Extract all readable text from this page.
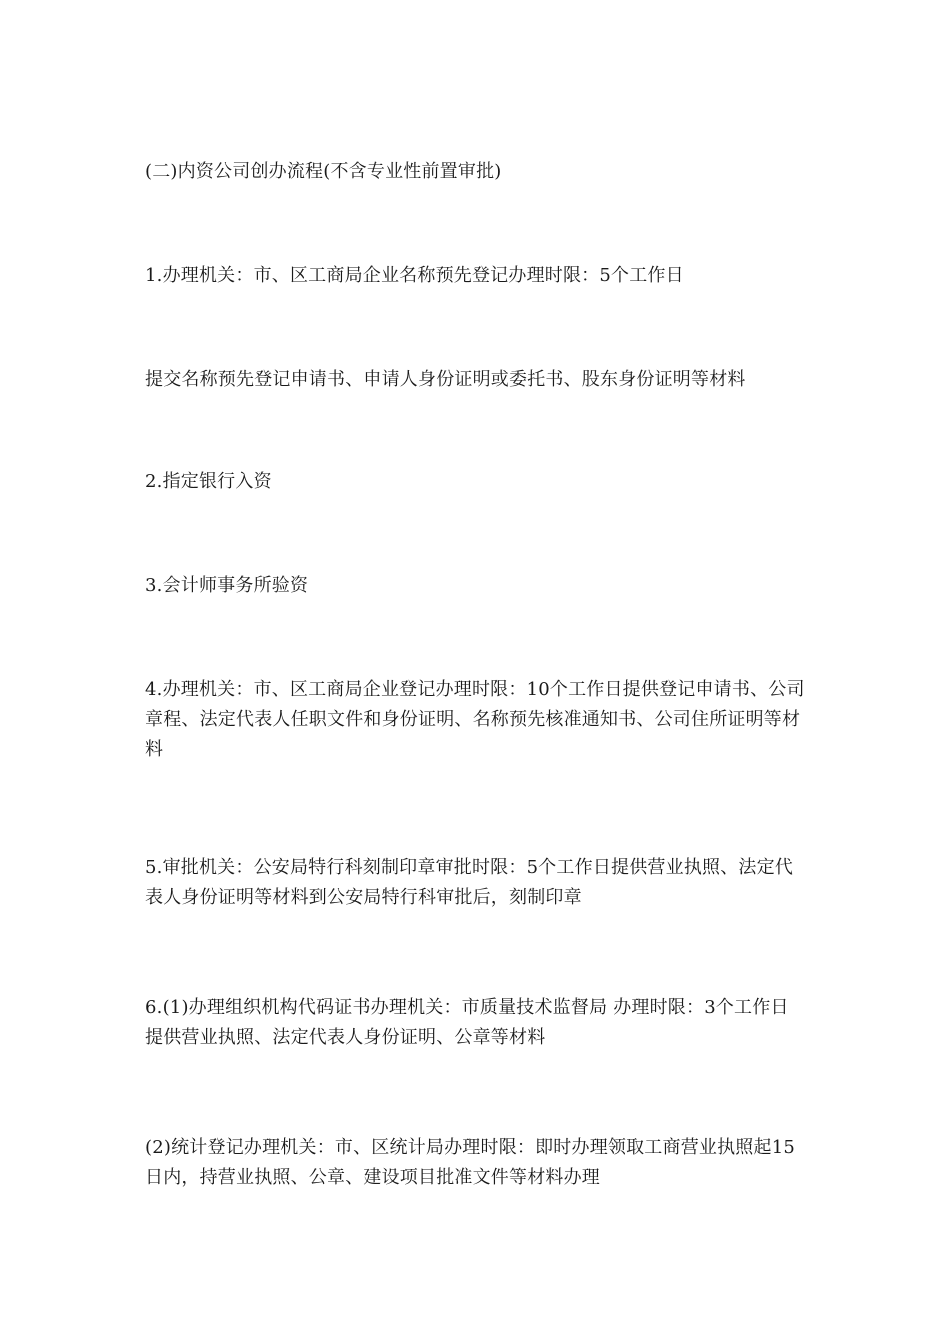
(二)内资公司创办流程(不含专业性前置审批)
1.办理机关：市、区工商局企业名称预先登记办理时限：5个工作日
提交名称预先登记申请书、申请人身份证明或委托书、股东身份证明等材料
2.指定银行入资
3.会计师事务所验资
4.办理机关：市、区工商局企业登记办理时限：10个工作日提供登记申请书、公司章程、法定代表人任职文件和身份证明、名称预先核准通知书、公司住所证明等材料
5.审批机关：公安局特行科刻制印章审批时限：5个工作日提供营业执照、法定代表人身份证明等材料到公安局特行科审批后，刻制印章
6.(1)办理组织机构代码证书办理机关：市质量技术监督局 办理时限：3个工作日提供营业执照、法定代表人身份证明、公章等材料
(2)统计登记办理机关：市、区统计局办理时限：即时办理领取工商营业执照起15日内，持营业执照、公章、建设项目批准文件等材料办理
